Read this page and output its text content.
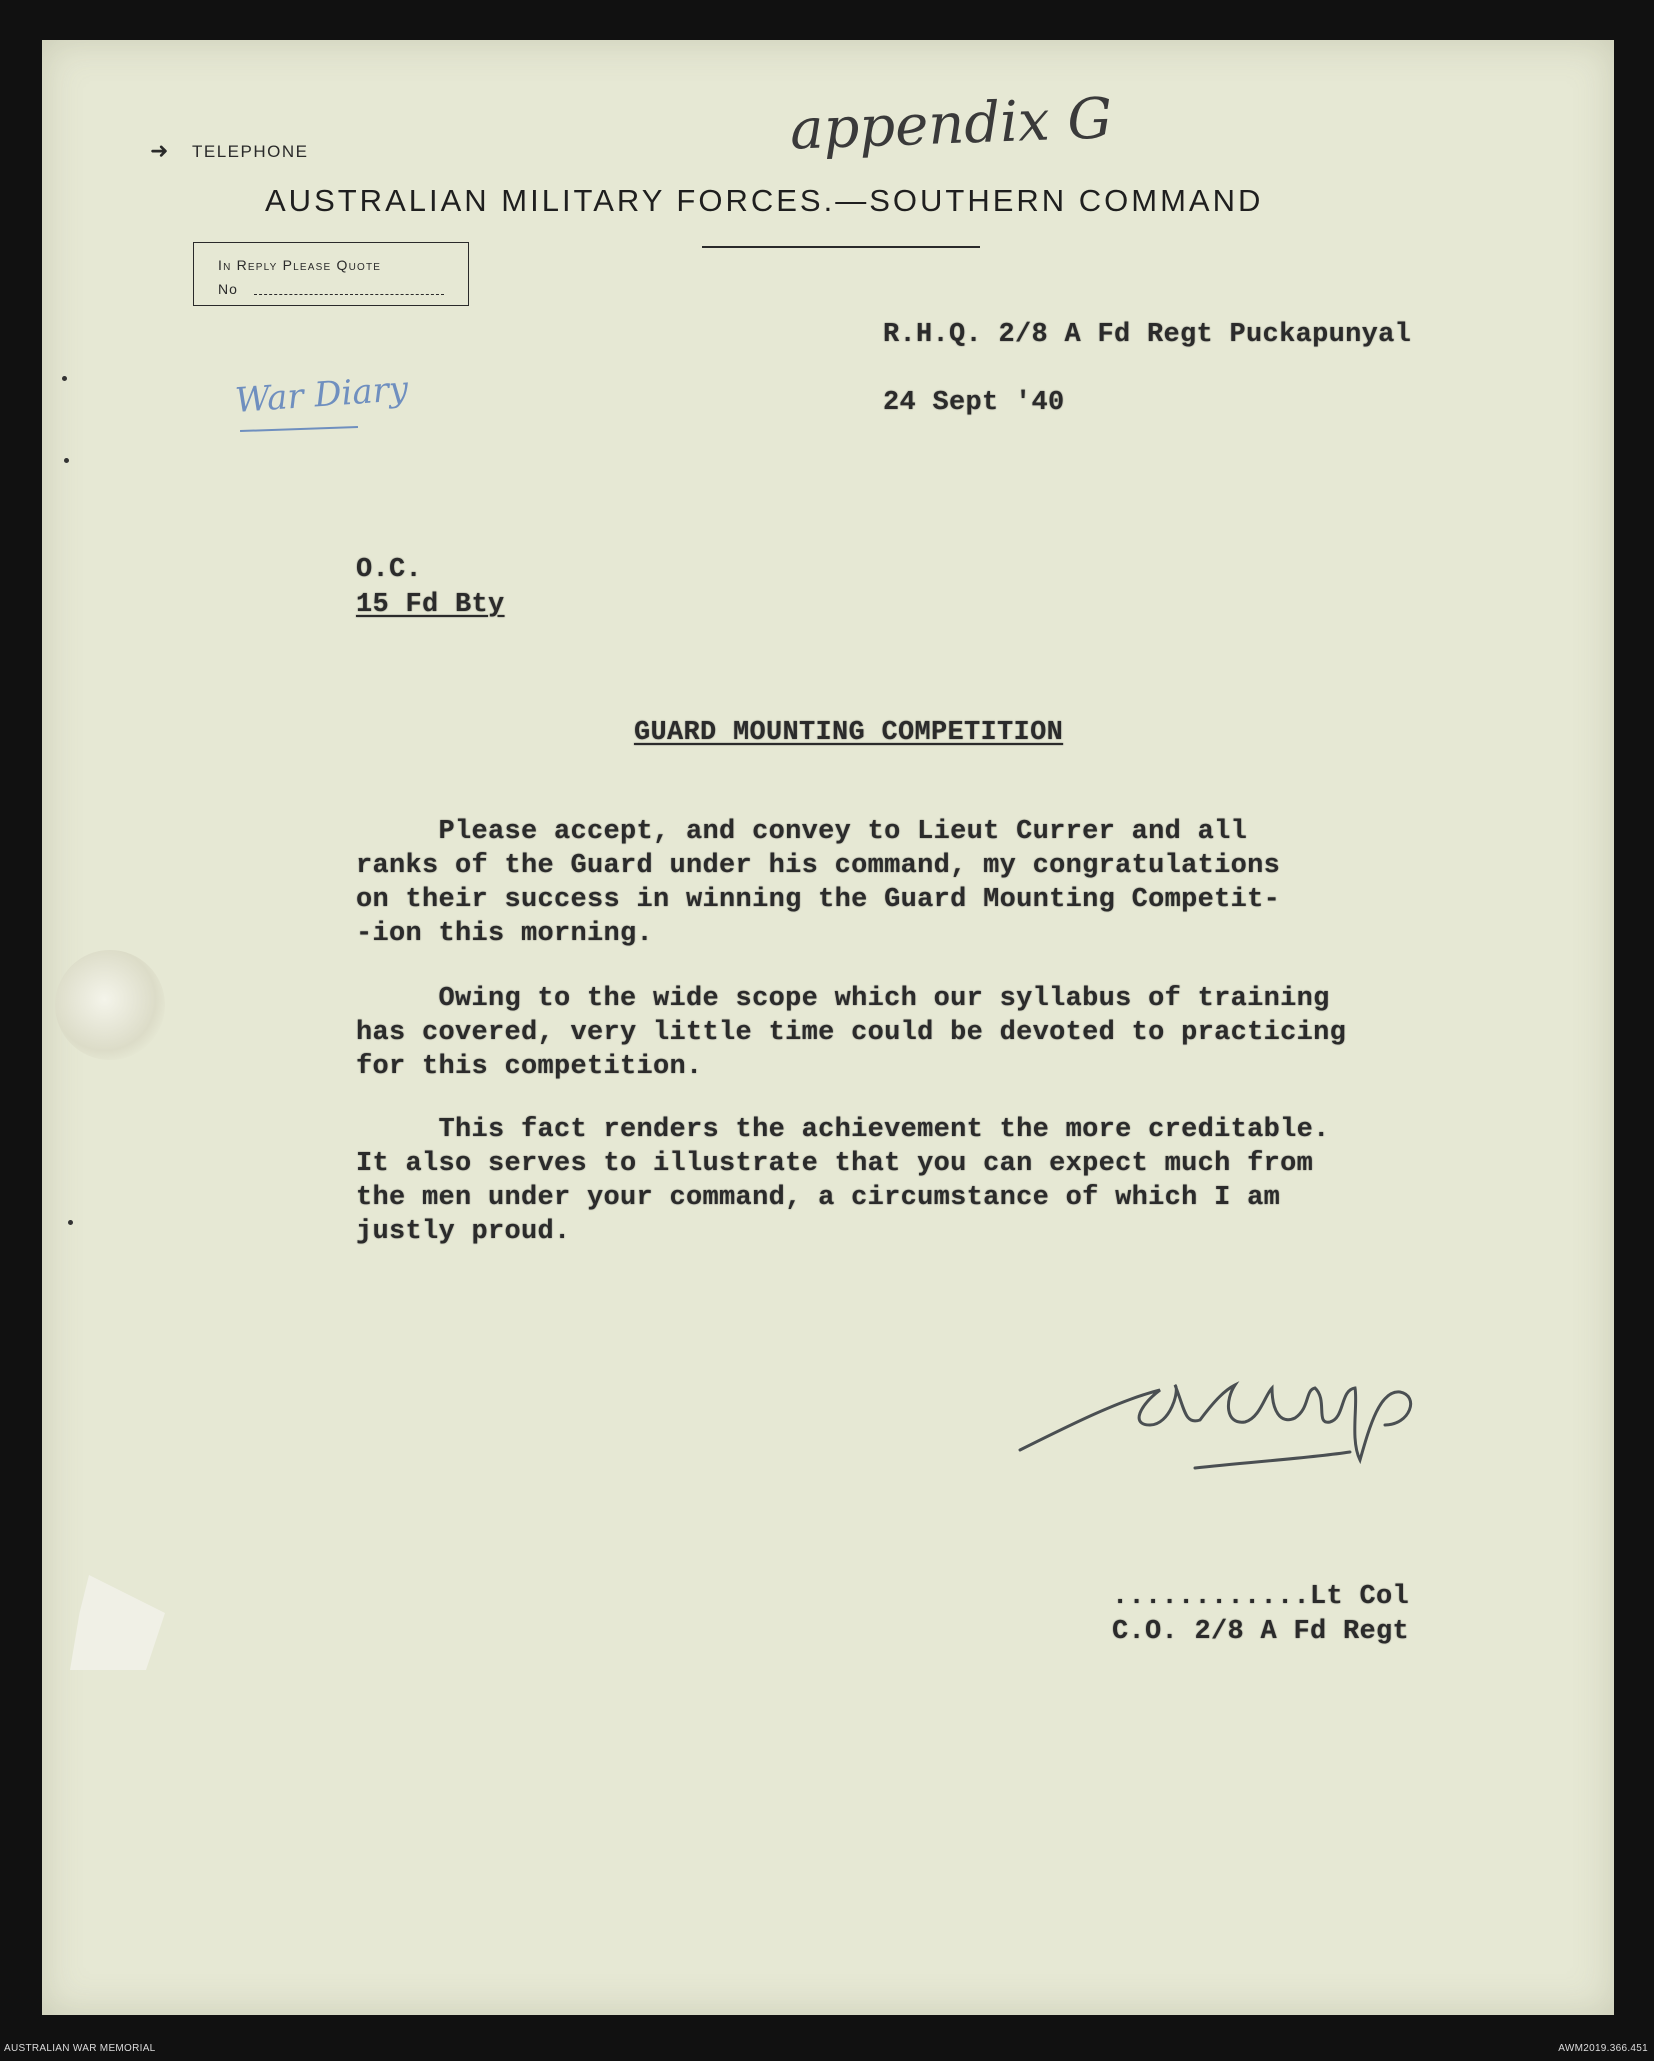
➜ TELEPHONE
AUSTRALIAN MILITARY FORCES.—SOUTHERN COMMAND
appendix G
In Reply Please Quote
No
War Diary
R.H.Q. 2/8 A Fd Regt Puckapunyal
24 Sept '40
O.C.
15 Fd Bty
GUARD MOUNTING COMPETITION
Please accept, and convey to Lieut Currer and all
ranks of the Guard under his command, my congratulations
on their success in winning the Guard Mounting Competit-
-ion this morning.
Owing to the wide scope which our syllabus of training
has covered, very little time could be devoted to practicing
for this competition.
This fact renders the achievement the more creditable.
It also serves to illustrate that you can expect much from
the men under your command, a circumstance of which I am
justly proud.
............Lt Col
C.O. 2/8 A Fd Regt
AUSTRALIAN WAR MEMORIAL	AWM2019.366.451
